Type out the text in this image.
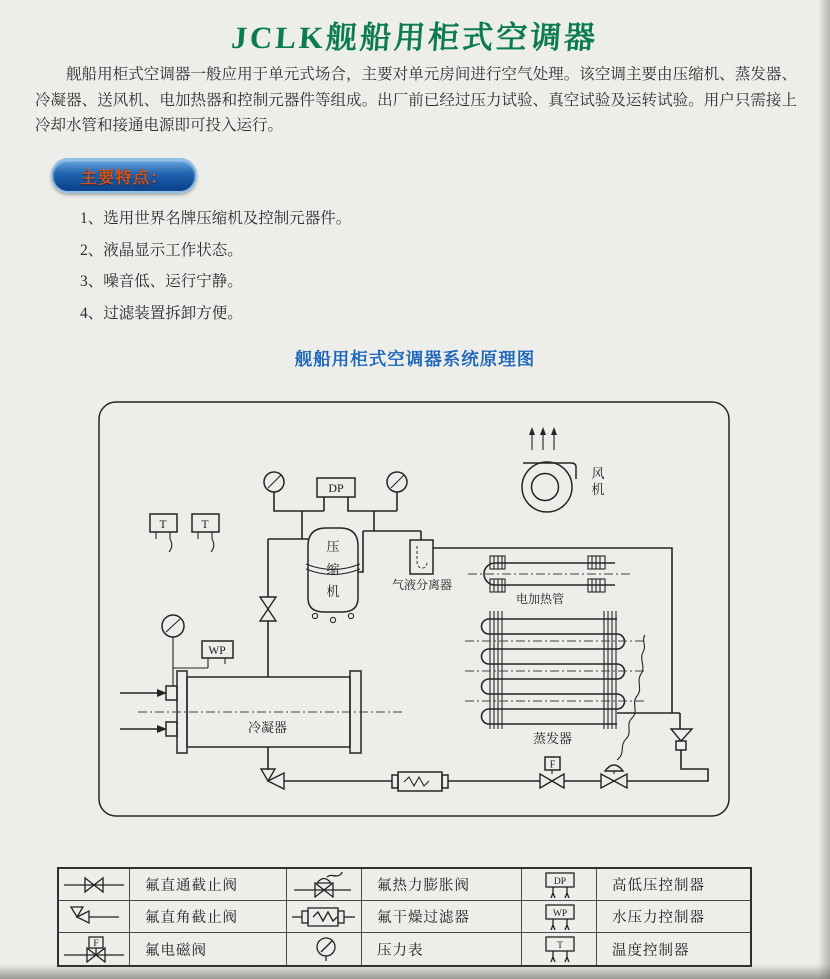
JCLK舰船用柜式空调器
舰船用柜式空调器一般应用于单元式场合，主要对单元房间进行空气处理。该空调主要由压缩机、蒸发器、冷凝器、送风机、电加热器和控制元器件等组成。出厂前已经过压力试验、真空试验及运转试验。用户只需接上冷却水管和接通电源即可投入运行。
主要特点：
1、选用世界名牌压缩机及控制元器件。
2、液晶显示工作状态。
3、噪音低、运行宁静。
4、过滤装置拆卸方便。
舰船用柜式空调器系统原理图
DP
风
机
T	T
压
缩
机	气液分离器
电加热管
蒸发器
冷凝器
WP
F
氟直通截止阀	氟热力膨胀阀	DP	高低压控制器
氟直角截止阀	氟干燥过滤器	WP	水压力控制器
F	氟电磁阀	压力表	T	温度控制器
